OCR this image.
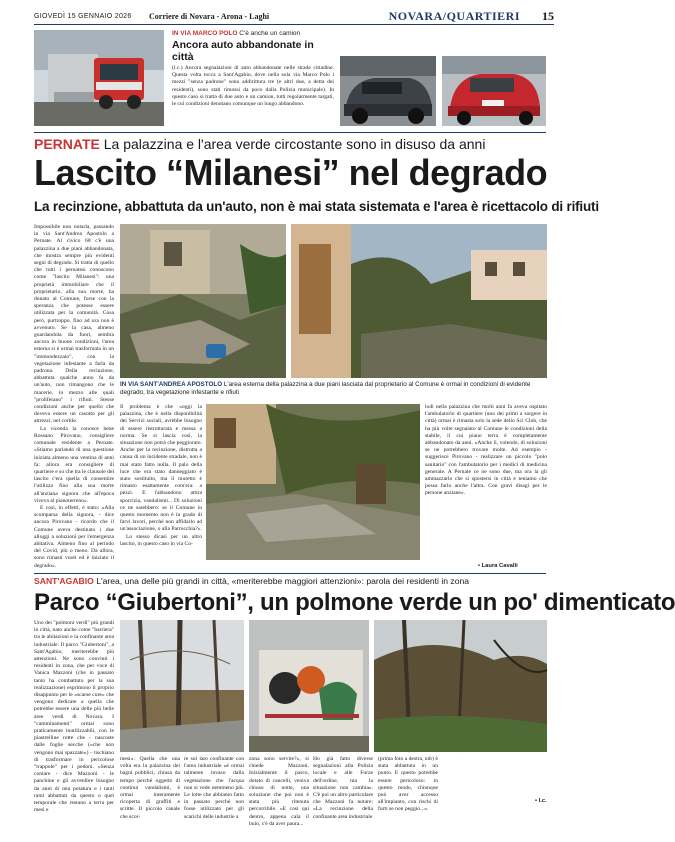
GIOVEDÌ 15 GENNAIO 2026 Corriere di Novara - Arona - Laghi	NOVARA/QUARTIERI 15
IN VIA MARCO POLO C'è anche un camion
Ancora auto abbandonate in città
(l.c.) Ancora segnalazioni di auto abbandonate nelle strade cittadine. Questa volta tocca a Sant'Agabio, dove nella sola via Marco Polo i mezzi "senza padrone" sono addirittura tre (e altri due, a detta dei residenti), sono stati rimossi da poco dalla Polizia municipale). In questo caso si tratta di due auto e un camion, tutti regolarmente targati, le cui condizioni denotano comunque un lungo abbandono.
PERNATE La palazzina e l'area verde circostante sono in disuso da anni
Lascito “Milanesi” nel degrado
La recinzione, abbattuta da un'auto, non è mai stata sistemata e l'area è ricettacolo di rifiuti
Impossibile non notarla, passando in via Sant'Andrea Apostolo a Pernate. Al civico 68 c'è una palazzina a due piani abbandonata, che mostra sempre più evidenti segni di degrado. Si tratta di quello che tutti i pernatesi conoscono come "lascito Milanesi": una proprietà immobiliare che il proprietario, alla sua morte, ha donato al Comune, forse con la speranza che potesse essere utilizzata per la comunità. Cosa però, purtroppo, fino ad ora non è avvenuto. Se la casa, almeno guardandola da fuori, sembra ancora in buone condizioni, l'area esterna si è ormai trasformata in un "immondezzaio", con la vegetazione infestante a farla da padrona. Della recinzione, abbattuta qualche anno fa da un'auto, non rimangono che le macerie, in mezzo alle quali "proliferano" i rifiuti. Stesse condizioni anche per quello che doveva essere un casotto per gli attrezzi, nel cortile.
La vicenda la conosce bene Rossano Pirovano, consigliere comunale residente a Pernate. «Stiamo parlando di una questione iniziata almeno una ventina di anni fa: allora era consigliere di quartiere e so che tra le clausole del lascito c'era quella di consentire l'utilizzo fino alla sua morte all'anziana signora che all'epoca viveva al pianoterreno».
E così, in effetti, è stato: «Alla scomparsa della signora, - dice ancora Pirovano - ricordo che il Comune aveva destinato i due alloggi a soluzioni per l'emergenza abitativa. Almeno fino al periodo del Covid, più o meno. Da allora, sono rimasti vuoti ed è iniziato il degrado».
IN VIA SANT'ANDREA APOSTOLO L'area esterna della palazzina a due piani lasciata dal proprietario al Comune è ormai in condizioni di evidente degrado, tra vegetazione infestante e rifiuti
Il problema è che «oggi la palazzina, che è nella disponibilità dei Servizi sociali, avrebbe bisogno di essere ristrutturata e messa a norma. Se si lascia così, la situazione non potrà che peggiorare. Anche per la recinzione, distrutta a causa di un incidente stradale, non è mai stato fatto nulla. Il palo della luce che era stato danneggiato è stato sostituito, ma il muretto è rimasto esattamente com'era: a pezzi. E l'abbandono attira sporcizia, vandalismi... Di soluzioni ce ne sarebbero: se il Comune in questo momento non è in grado di farvi lavori, perché non affidarlo ad un'associazione, o alla Parrocchia?».
Lo stesso dicasi per un altro lascito, in questo caso in via Co-
lodi nella palazzina che molti anni fa aveva ospitato l'ambulatorio di quartiere (uno dei primi a sorgere in città) ormai è rimasta solo la sede dello Sci Club, che ha più volte segnalato al Comune le condizioni della stabile, il cui piano terra è completamente abbandonato da anni. «Anche lì, volendo, di soluzioni se ne potrebbero trovare molte. Ad esempio - suggerisce Pirovano - realizzare un piccolo "polo sanitario" con l'ambulatorio per i medici di medicina generale. A Pernate ce ne sono due, ma ora la gli ammazzarlo che si spostersi in città e teniamo che possa farlo anche l'altra. Con gravi disagi per le persone anziane».
• Laura Cavalli
SANT'AGABIO L'area, una delle più grandi in città, «meriterebbe maggiori attenzioni»: parola dei residenti in zona
Parco “Giubertoni”, un polmone verde un po' dimenticato
Uno dei "polmoni verdi" più grandi in città, nato anche come "barriera" tra le abitazioni e la confinante area industriale. Il parco "Giubertoni", a Sant'Agabio, meriterebbe più attenzioni. Ne sono convinti i residenti in zona, che per voce di Vanica Mazzoni (che in passato tanto ha combattuto per la sua realizzazione) esprimono il proprio disappunto per le «scarse cure» che vengono dedicate a quella che potrebbe essere una delle più belle aree verdi di Novara. I "camminamenti" ormai sono praticamente inutilizzabili, con le piastrelline rotte che - nascoste dalle foglie secche («che non vengono mai spazzate») - rischiano di trasformare in pericolose "trappole" per i pedoni. «Senza contare - dice Mazzoni - le panchine e gli avvenibre bisogno da anni di una potatura e i tanti rami abbattuti da questo o quel temporale che restano a terra per mesi e
mesi». Quella che una volta era la palazzina dei bagni pubblici, chiusa da tempo perché oggetto di continui vandalismi, è ormai interamente ricoperta di graffiti e scritte. Il piccolo canale che scor-
re sul lato confinante con l'area industriale «è ormai talmente invaso dalla vegetazione che l'acqua non si vede nemmeno più. Le lotte che abbiamo fatto in passato perché non fosse utilizzato per gli scarichi delle industrie a
zona sono servite?», si chiede Mazzoni. Inizialmente il parco, dotato di cancelli, veniva chiuso di notte, una soluzione che poi non è stata più ritenuta percorribile. «E così quì dentro, appena cala il buio, c'è da aver paura...
Ho già fatto diverse segnalazioni alla Polizia locale e alle Forze dell'ordine, ma la situazione non cambia». C'è poi un altro particolare che Mazzoni fa notare: «La recinzione della confinante area industriale
(prima foto a destra, ndr) è stata abbattuta in un punto. E questo potrebbe essere pericoloso: in questo modo, chiunque può aver accesso all'impianto, con rischi di furti se non peggio...».
• l.c.
